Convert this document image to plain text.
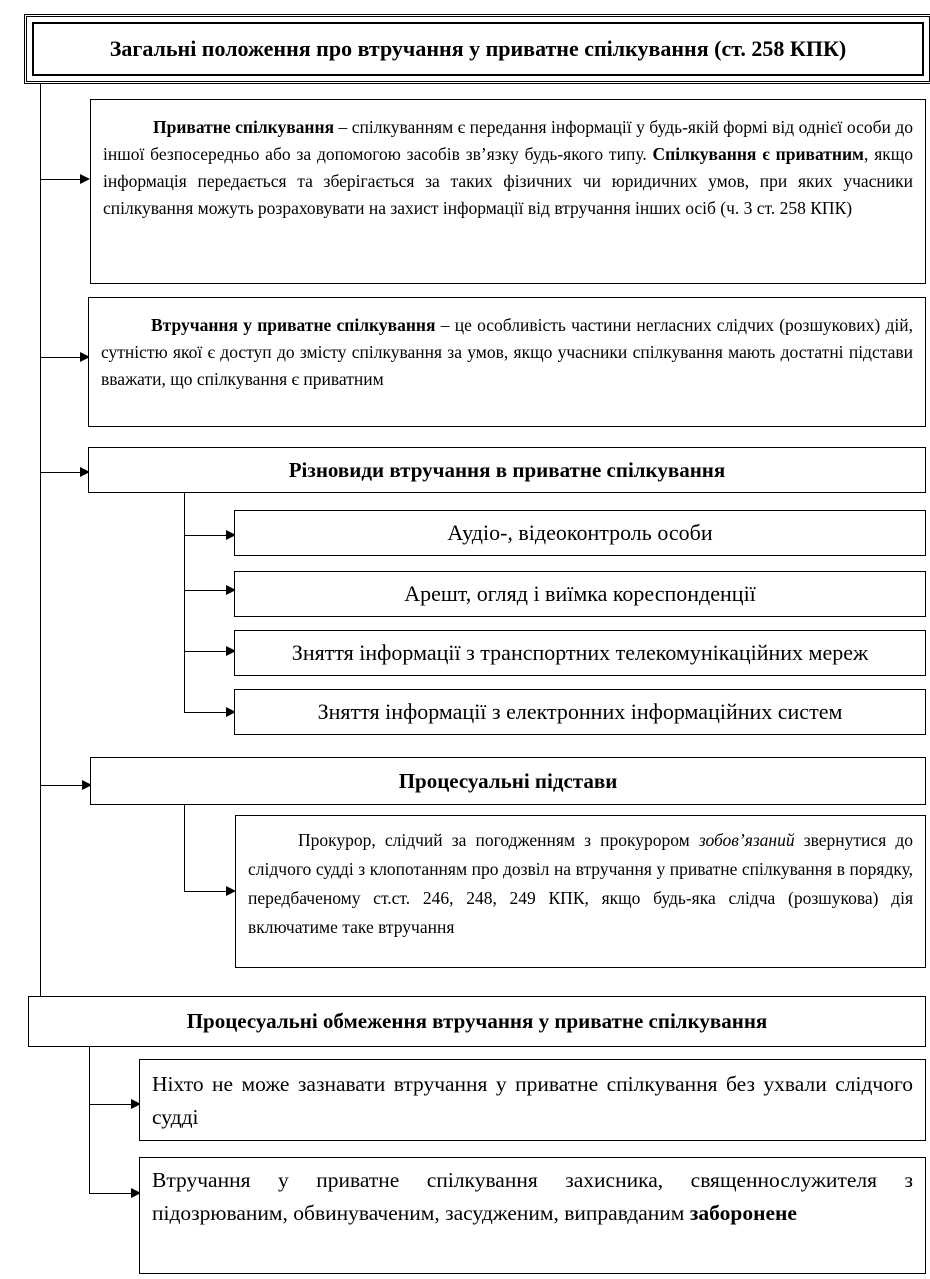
Загальні положення про втручання у приватне спілкування (ст. 258 КПК)
Приватне спілкування – спілкуванням є передання інформації у будь-якій формі від однієї особи до іншої безпосередньо або за допомогою засобів зв’язку будь-якого типу. Спілкування є приватним, якщо інформація передається та зберігається за таких фізичних чи юридичних умов, при яких учасники спілкування можуть розраховувати на захист інформації від втручання інших осіб (ч. 3 ст. 258 КПК)
Втручання у приватне спілкування – це особливість частини негласних слідчих (розшукових) дій, сутністю якої є доступ до змісту спілкування за умов, якщо учасники спілкування мають достатні підстави вважати, що спілкування є приватним
Різновиди втручання в приватне спілкування
Аудіо-, відеоконтроль особи
Арешт, огляд і виїмка кореспонденції
Зняття інформації з транспортних телекомунікаційних мереж
Зняття інформації з електронних інформаційних систем
Процесуальні підстави
Прокурор, слідчий за погодженням з прокурором зобов’язаний звернутися до слідчого судді з клопотанням про дозвіл на втручання у приватне спілкування в порядку, передбаченому ст.ст. 246, 248, 249 КПК, якщо будь-яка слідча (розшукова) дія включатиме таке втручання
Процесуальні обмеження втручання у приватне спілкування
Ніхто не може зазнавати втручання у приватне спілкування без ухвали слідчого судді
Втручання у приватне спілкування захисника, священнослужителя з підозрюваним, обвинуваченим, засудженим, виправданим заборонене
